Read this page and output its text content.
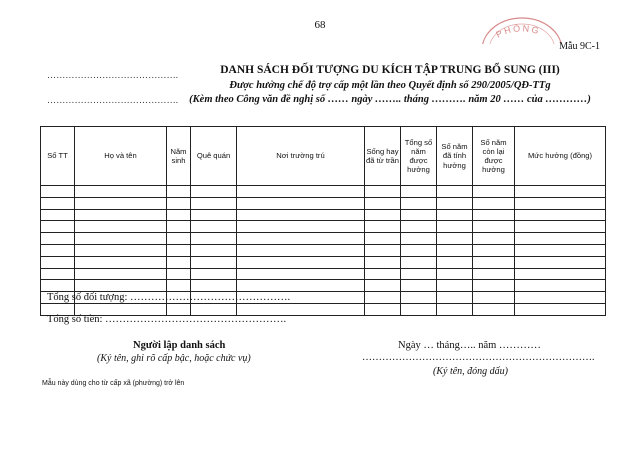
68
PHÒNG
Mẫu 9C-1
…………………………………….
…………………………………….
DANH SÁCH ĐỐI TƯỢNG DU KÍCH TẬP TRUNG BỔ SUNG (III)
Được hưởng chế độ trợ cấp một lần theo Quyết định số 290/2005/QĐ-TTg
(Kèm theo Công văn đề nghị số …… ngày …….. tháng ………. năm 20 …… của …………)
Số TT	Họ và tên	Năm sinh	Quê quán	Nơi trường trú	Sống hay đã từ trần	Tổng số năm được hưởng	Số năm đã tính hưởng	Số năm còn lại được hưởng	Mức hưởng (đồng)

Tổng số đối tượng: ……………………………………….
Tổng số tiền: …………………………………………….
Người lập danh sách
(Ký tên, ghi rõ cấp bậc, hoặc chức vụ)
Ngày … tháng….. năm …………
…………………………………………………………….
(Ký tên, đóng dấu)
Mẫu này dùng cho từ cấp xã (phường) trở lên
